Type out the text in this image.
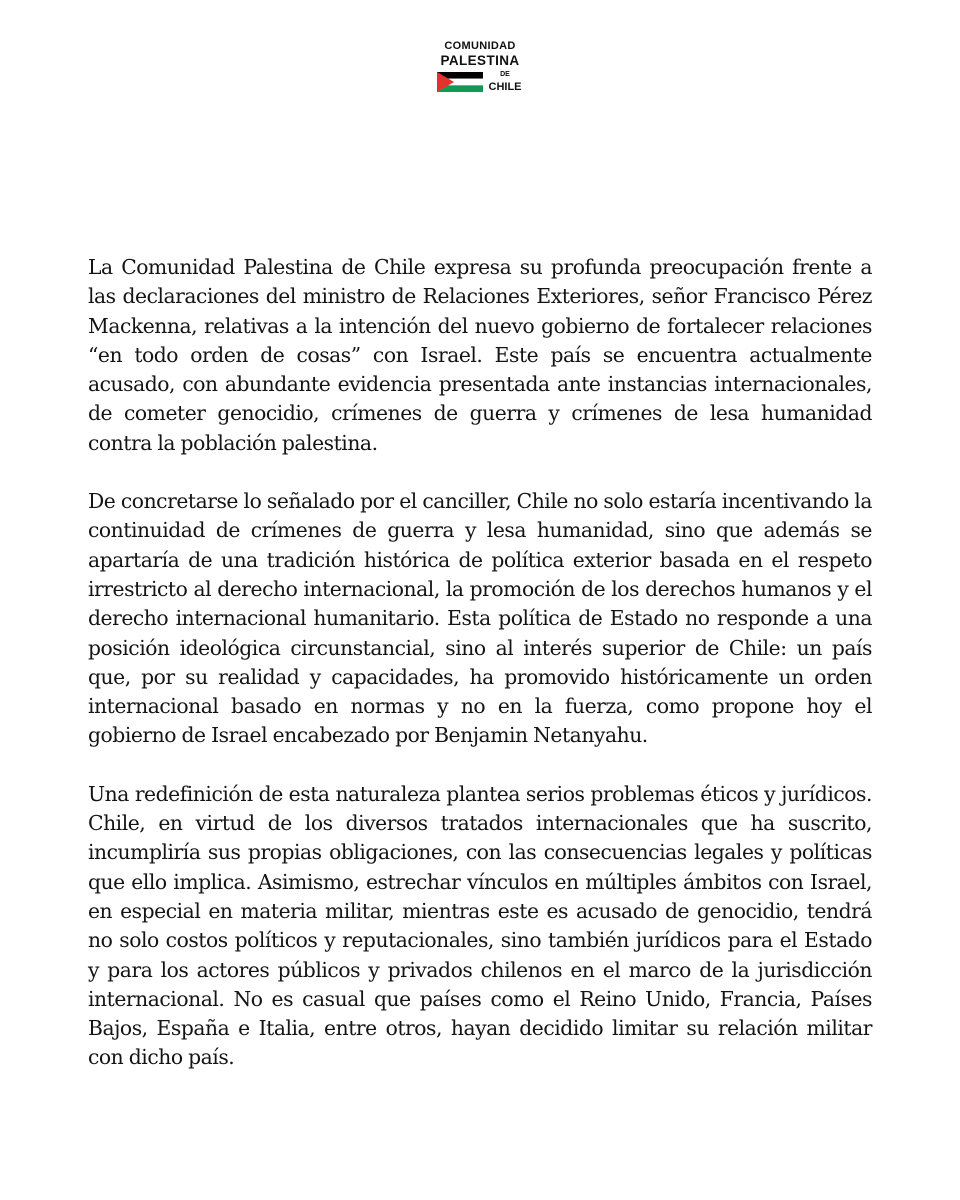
COMUNIDAD
PALESTINA
DE
CHILE

La Comunidad Palestina de Chile expresa su profunda preocupación frente a las declaraciones del ministro de Relaciones Exteriores, señor Francisco Pérez Mackenna, relativas a la intención del nuevo gobierno de fortalecer relaciones “en todo orden de cosas” con Israel. Este país se encuentra actualmente acusado, con abundante evidencia presentada ante instancias internacionales, de cometer genocidio, crímenes de guerra y crímenes de lesa humanidad contra la población palestina.

De concretarse lo señalado por el canciller, Chile no solo estaría incentivando la continuidad de crímenes de guerra y lesa humanidad, sino que además se apartaría de una tradición histórica de política exterior basada en el respeto irrestricto al derecho internacional, la promoción de los derechos humanos y el derecho internacional humanitario. Esta política de Estado no responde a una posición ideológica circunstancial, sino al interés superior de Chile: un país que, por su realidad y capacidades, ha promovido históricamente un orden internacional basado en normas y no en la fuerza, como propone hoy el gobierno de Israel encabezado por Benjamin Netanyahu.

Una redefinición de esta naturaleza plantea serios problemas éticos y jurídicos. Chile, en virtud de los diversos tratados internacionales que ha suscrito, incumpliría sus propias obligaciones, con las consecuencias legales y políticas que ello implica. Asimismo, estrechar vínculos en múltiples ámbitos con Israel, en especial en materia militar, mientras este es acusado de genocidio, tendrá no solo costos políticos y reputacionales, sino también jurídicos para el Estado y para los actores públicos y privados chilenos en el marco de la jurisdicción internacional. No es casual que países como el Reino Unido, Francia, Países Bajos, España e Italia, entre otros, hayan decidido limitar su relación militar con dicho país.
